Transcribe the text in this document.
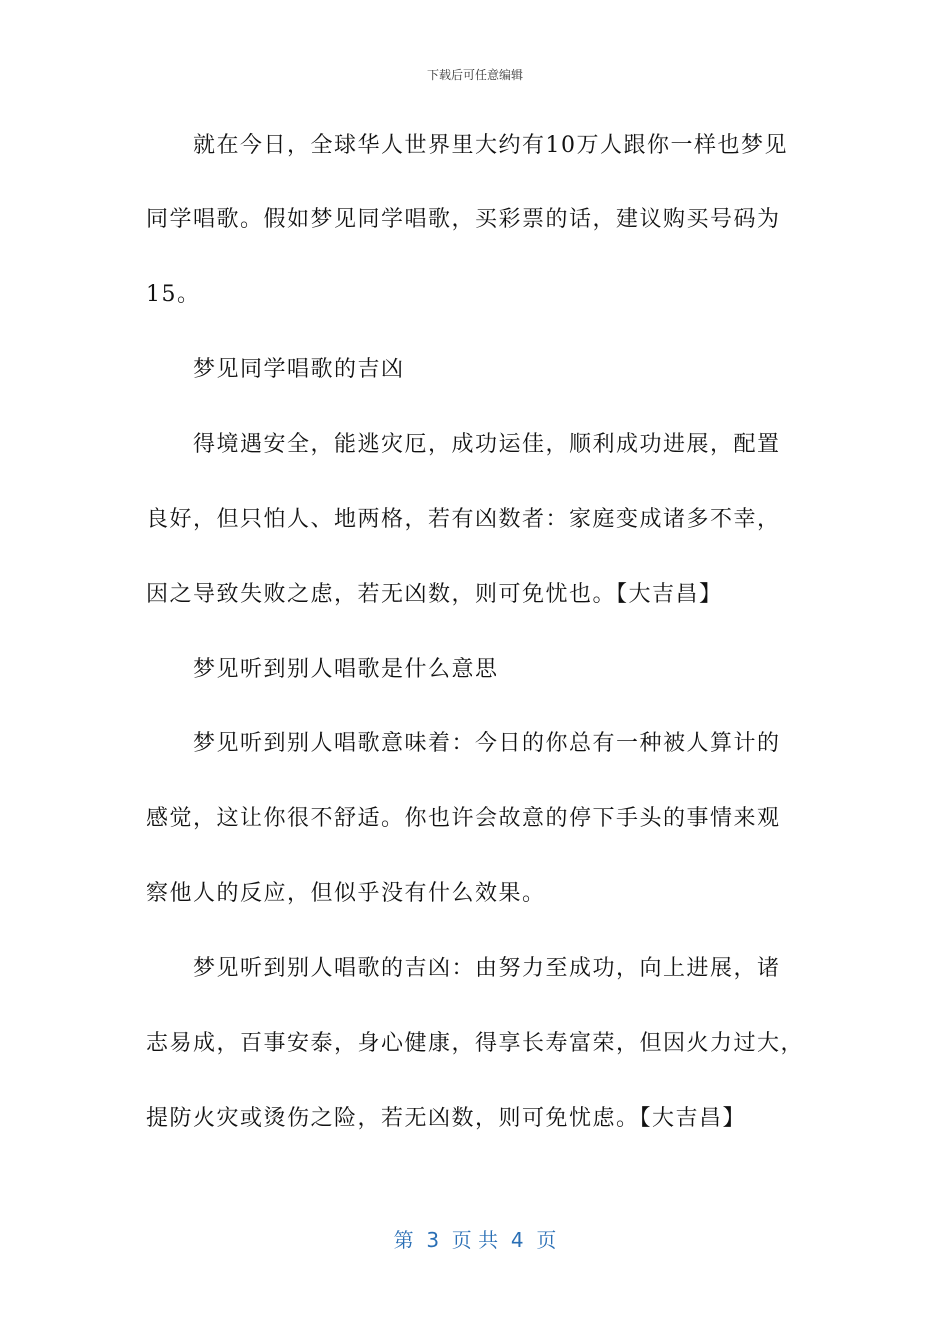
下载后可任意编辑
就在今日，全球华人世界里大约有10万人跟你一样也梦见
同学唱歌。假如梦见同学唱歌，买彩票的话，建议购买号码为
15。
梦见同学唱歌的吉凶
得境遇安全，能逃灾厄，成功运佳，顺利成功进展，配置
良好，但只怕人、地两格，若有凶数者：家庭变成诸多不幸，
因之导致失败之虑，若无凶数，则可免忧也。【大吉昌】
梦见听到别人唱歌是什么意思
梦见听到别人唱歌意味着：今日的你总有一种被人算计的
感觉，这让你很不舒适。你也许会故意的停下手头的事情来观
察他人的反应，但似乎没有什么效果。
梦见听到别人唱歌的吉凶：由努力至成功，向上进展，诸
志易成，百事安泰，身心健康，得享长寿富荣，但因火力过大，
提防火灾或烫伤之险，若无凶数，则可免忧虑。【大吉昌】
第  3  页 共  4  页
